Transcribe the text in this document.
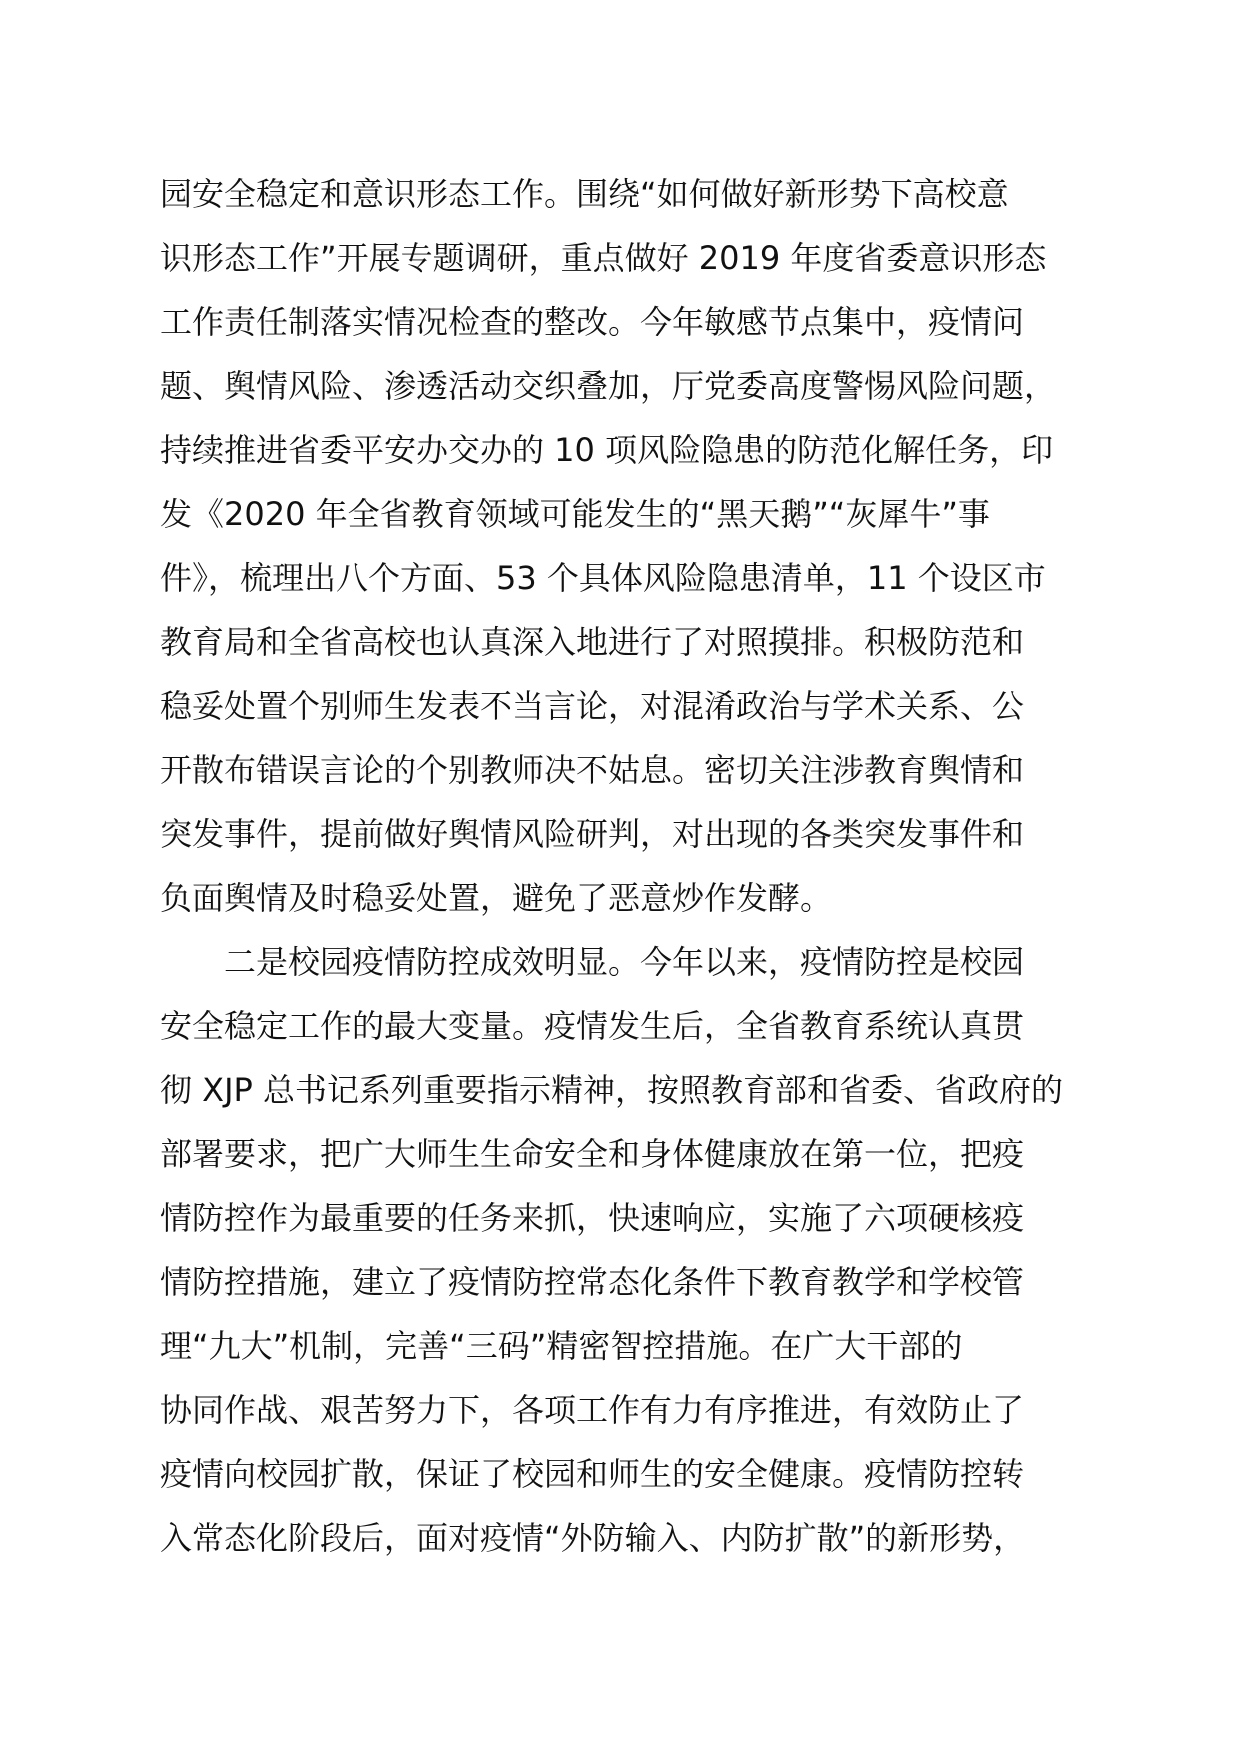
园安全稳定和意识形态工作。围绕“如何做好新形势下高校意
识形态工作”开展专题调研，重点做好 2019 年度省委意识形态
工作责任制落实情况检查的整改。今年敏感节点集中，疫情问
题、舆情风险、渗透活动交织叠加，厅党委高度警惕风险问题，
持续推进省委平安办交办的 10 项风险隐患的防范化解任务，印
发《2020 年全省教育领域可能发生的“黑天鹅”“灰犀牛”事
件》，梳理出八个方面、53 个具体风险隐患清单，11 个设区市
教育局和全省高校也认真深入地进行了对照摸排。积极防范和
稳妥处置个别师生发表不当言论，对混淆政治与学术关系、公
开散布错误言论的个别教师决不姑息。密切关注涉教育舆情和
突发事件，提前做好舆情风险研判，对出现的各类突发事件和
负面舆情及时稳妥处置，避免了恶意炒作发酵。
二是校园疫情防控成效明显。今年以来，疫情防控是校园
安全稳定工作的最大变量。疫情发生后，全省教育系统认真贯
彻 XJP 总书记系列重要指示精神，按照教育部和省委、省政府的
部署要求，把广大师生生命安全和身体健康放在第一位，把疫
情防控作为最重要的任务来抓，快速响应，实施了六项硬核疫
情防控措施，建立了疫情防控常态化条件下教育教学和学校管
理“九大”机制，完善“三码”精密智控措施。在广大干部的
协同作战、艰苦努力下，各项工作有力有序推进，有效防止了
疫情向校园扩散，保证了校园和师生的安全健康。疫情防控转
入常态化阶段后，面对疫情“外防输入、内防扩散”的新形势，
